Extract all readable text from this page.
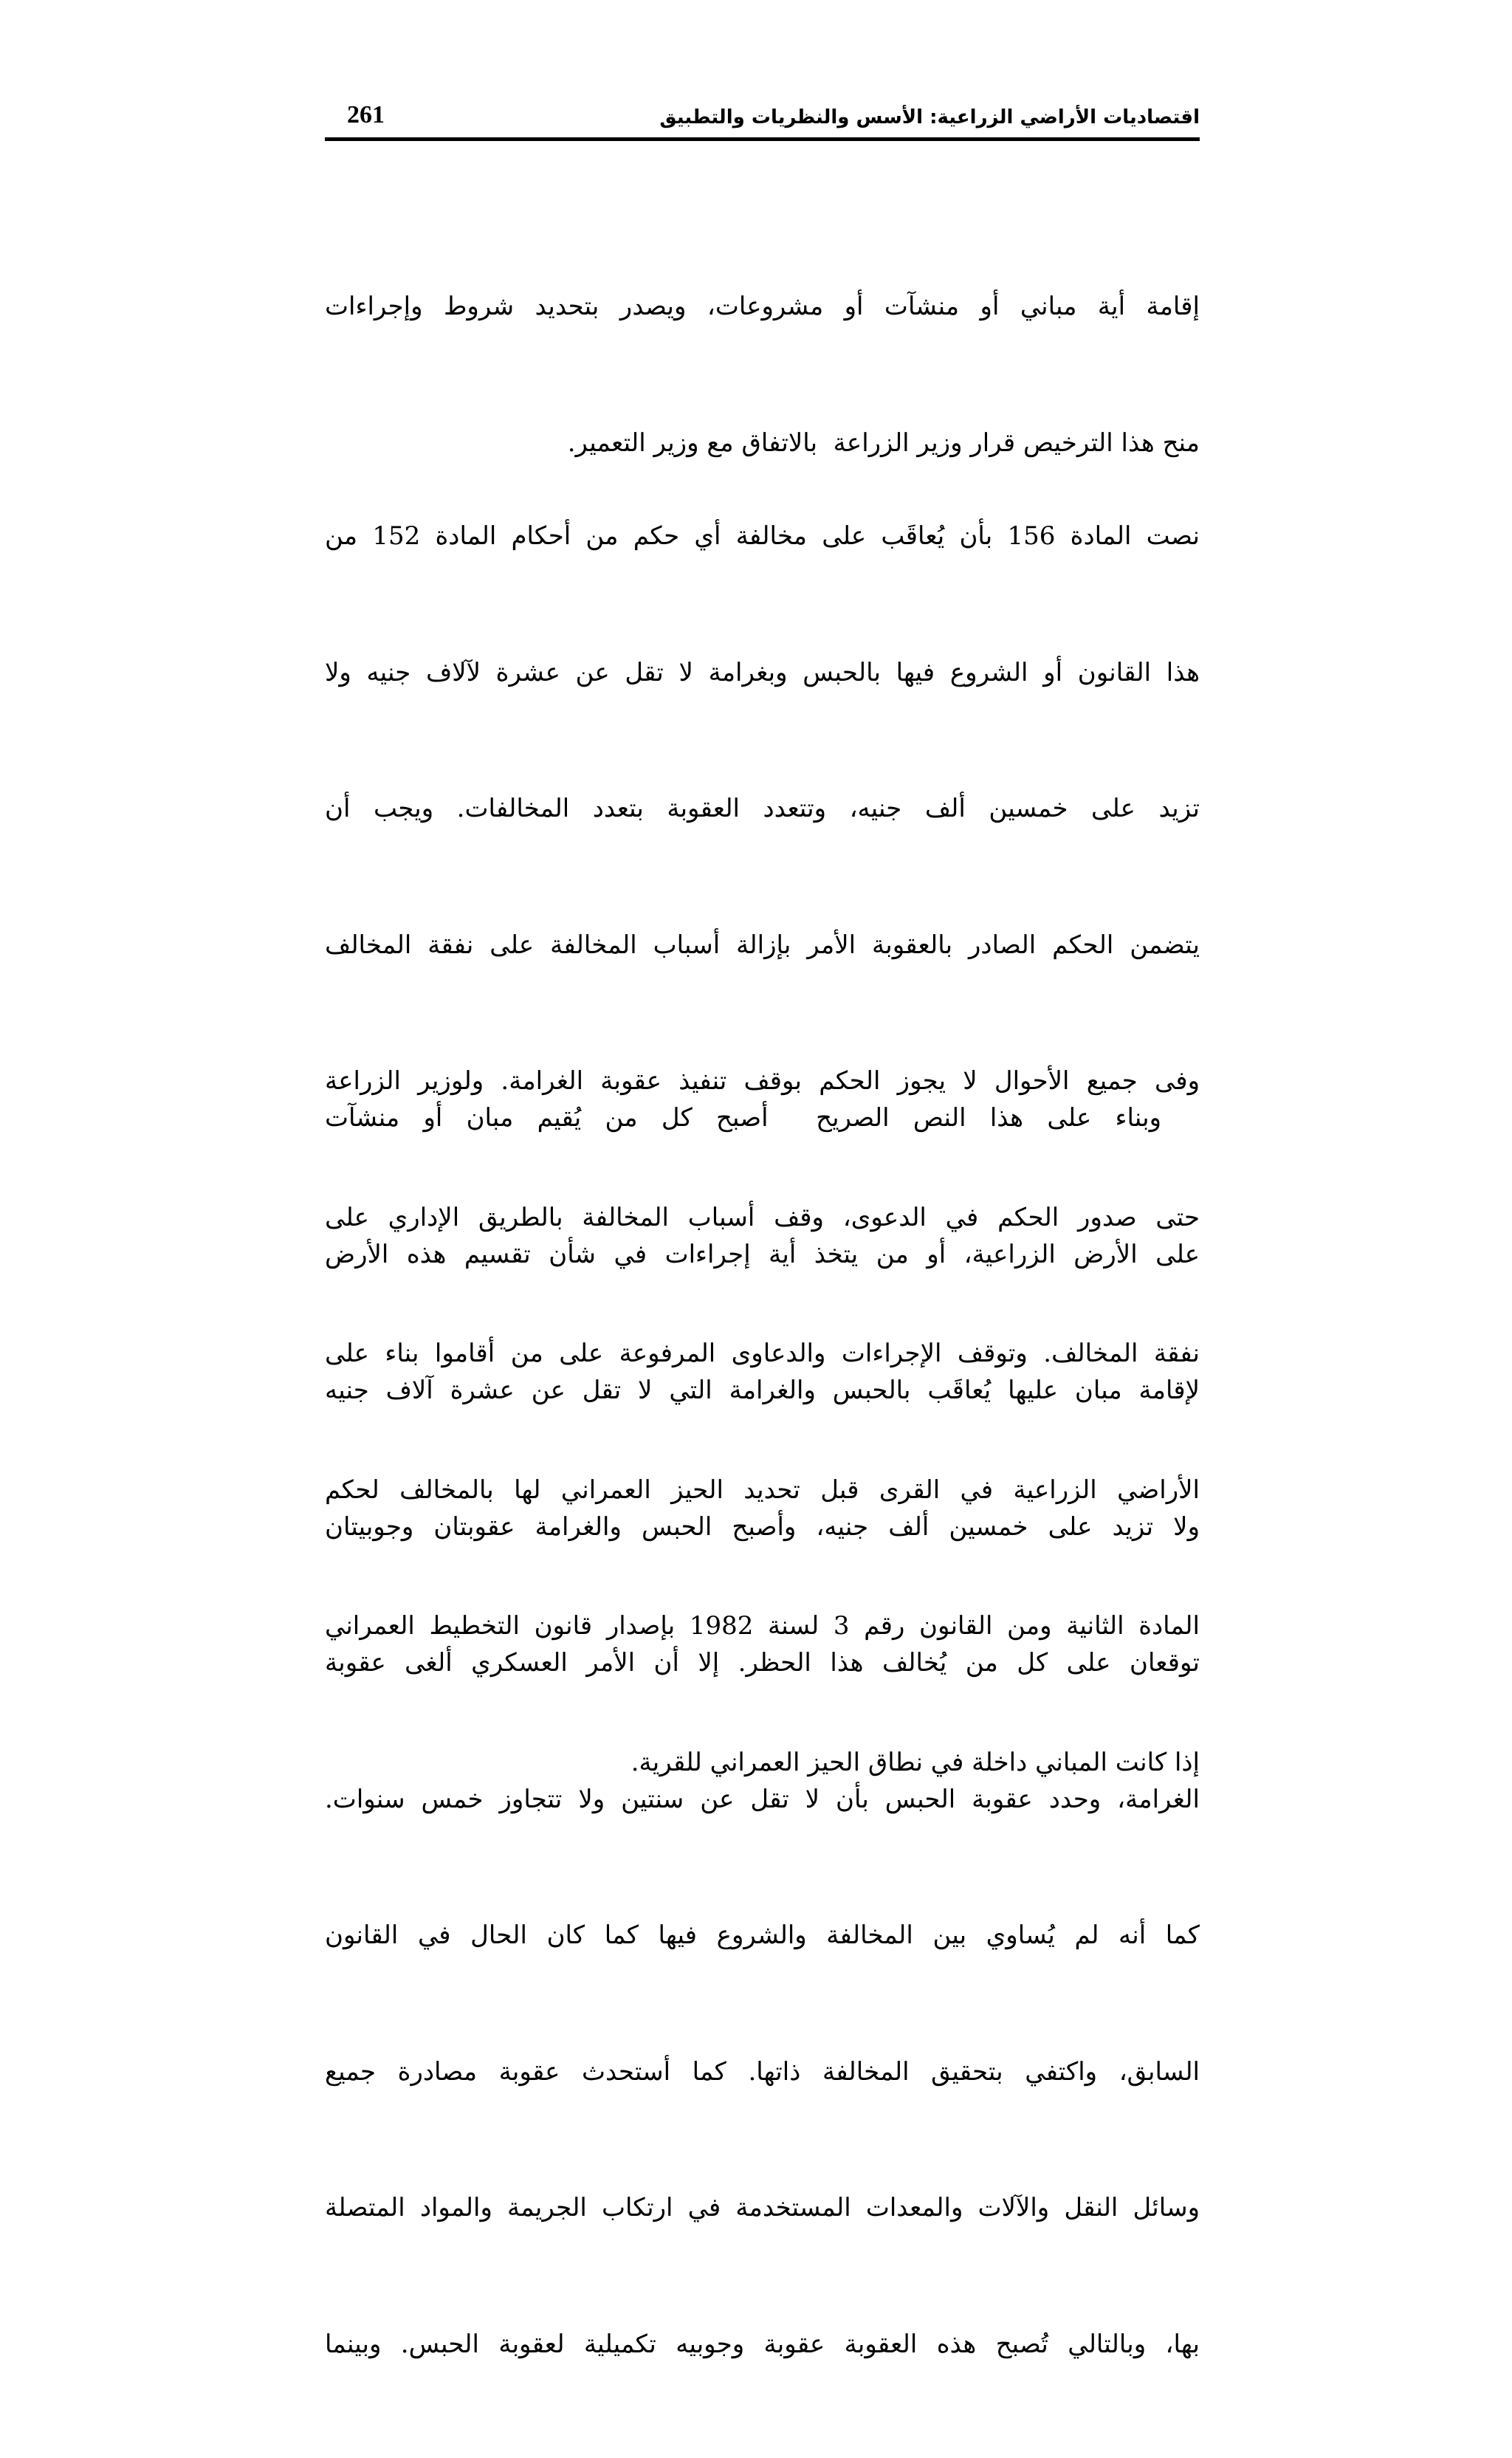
اقتصاديات الأراضي الزراعية: الأسس والنظريات والتطبيق
261

إقامة أية مباني أو منشآت أو مشروعات، ويصدر بتحديد شروط وإجراءات

منح هذا الترخيص قرار وزير الزراعة  بالاتفاق مع وزير التعمير.

نصت المادة 156 بأن يُعاقَب على مخالفة أي حكم من أحكام المادة 152 من

هذا القانون أو الشروع فيها بالحبس وبغرامة لا تقل عن عشرة لآلاف جنيه ولا

تزيد على خمسين ألف جنيه، وتتعدد العقوبة بتعدد المخالفات. ويجب أن

يتضمن الحكم الصادر بالعقوبة الأمر بإزالة أسباب المخالفة على نفقة المخالف

وفى جميع الأحوال لا يجوز الحكم بوقف تنفيذ عقوبة الغرامة. ولوزير الزراعة

حتى صدور الحكم في الدعوى، وقف أسباب المخالفة بالطريق الإداري على

نفقة المخالف. وتوقف الإجراءات والدعاوى المرفوعة على من أقاموا بناء على

الأراضي الزراعية في القرى قبل تحديد الحيز العمراني لها بالمخالف لحكم

المادة الثانية ومن القانون رقم 3 لسنة 1982 بإصدار قانون التخطيط العمراني

إذا كانت المباني داخلة في نطاق الحيز العمراني للقرية.

وبناء على هذا النص الصريح  أصبح كل من يُقيم مبان أو منشآت

على الأرض الزراعية، أو من يتخذ أية إجراءات في شأن تقسيم هذه الأرض

لإقامة مبان عليها يُعاقَب بالحبس والغرامة التي لا تقل عن عشرة آلاف جنيه

ولا تزيد على خمسين ألف جنيه، وأصبح الحبس والغرامة عقوبتان وجوبيتان

توقعان على كل من يُخالف هذا الحظر. إلا أن الأمر العسكري ألغى عقوبة

الغرامة، وحدد عقوبة الحبس بأن لا تقل عن سنتين ولا تتجاوز خمس سنوات.

كما أنه لم يُساوي بين المخالفة والشروع فيها كما كان الحال في القانون

السابق، واكتفي بتحقيق المخالفة ذاتها. كما أستحدث عقوبة مصادرة جميع

وسائل النقل والآلات والمعدات المستخدمة في ارتكاب الجريمة والمواد المتصلة

بها، وبالتالي تُصبح هذه العقوبة عقوبة وجوبيه تكميلية لعقوبة الحبس. وبينما
